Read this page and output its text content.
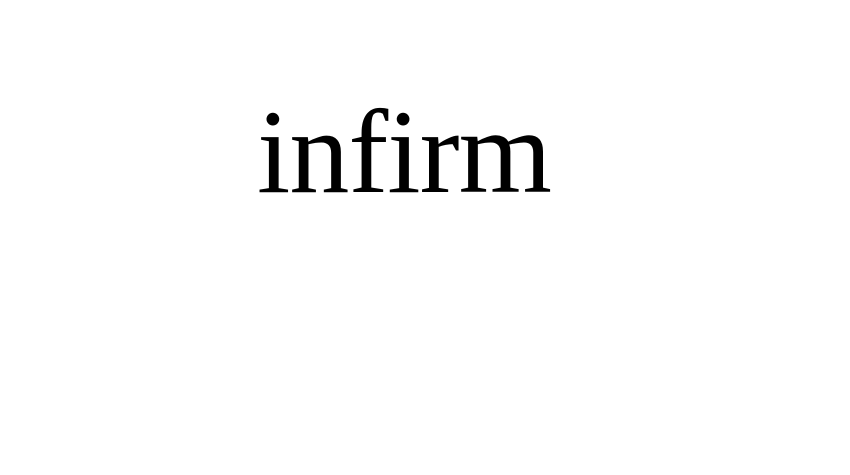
infirm
